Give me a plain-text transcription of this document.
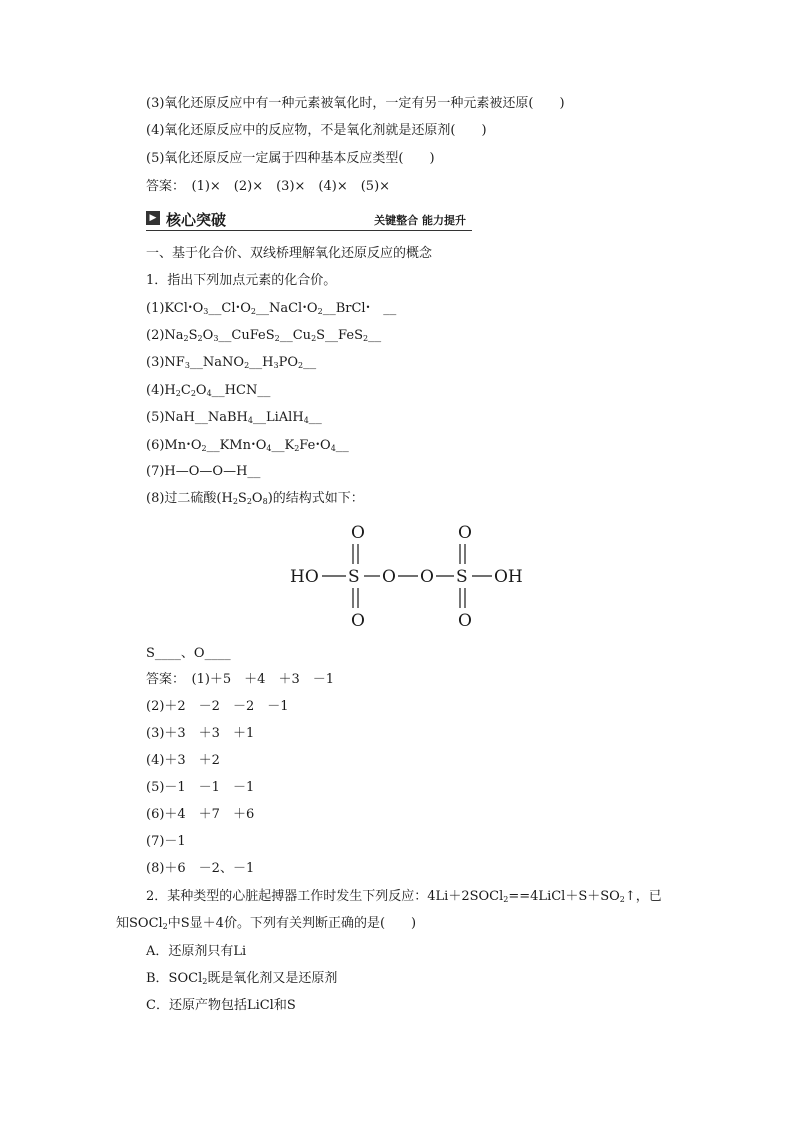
(3)氧化还原反应中有一种元素被氧化时，一定有另一种元素被还原(　　)
(4)氧化还原反应中的反应物，不是氧化剂就是还原剂(　　)
(5)氧化还原反应一定属于四种基本反应类型(　　)
答案：　(1)×　(2)×　(3)×　(4)×　(5)×
▶ 核心突破	关键整合 能力提升
一、基于化合价、双线桥理解氧化还原反应的概念
1．指出下列加点元素的化合价。
$(1)KCl•O_3\_\_Cl•O_2\_\_NaCl•O_2\_\_BrCl•$　__
$(2)Na_2S_2O_3\_\_CuFeS_2\_\_Cu_2S\_\_FeS_2\_\_$
$(3)NF_3\_\_NaNO_2\_\_H_3PO_2\_\_$
$(4)H_2C_2O_4\_\_HCN\_\_$
(5)NaH__NaBH$_4$__LiAlH$_4$__
$(6)Mn•O_2\_\_KMn•O_4\_\_K_2Fe•O_4\_\_$
(7)H—O—O—H__
(8)过二硫酸$(H_2S_2O_8)$的结构式如下：
O	O
HO S O O S OH
O	O
S____、O____
答案：　(1)＋5　＋4　＋3　－1
(2)＋2　－2　－2　－1
(3)＋3　＋3　＋1
(4)＋3　＋2
(5)－1　－1　－1
(6)＋4　＋7　＋6
(7)－1
(8)＋6　－2、－1
2．某种类型的心脏起搏器工作时发生下列反应：$4Li+2SOCl_2==4LiCl+S+SO_2↑$，已
知SOCl$_2$中S显＋4价。下列有关判断正确的是(　　)
A．还原剂只有Li
B．SOCl$_2$既是氧化剂又是还原剂
C．还原产物包括LiCl和S
